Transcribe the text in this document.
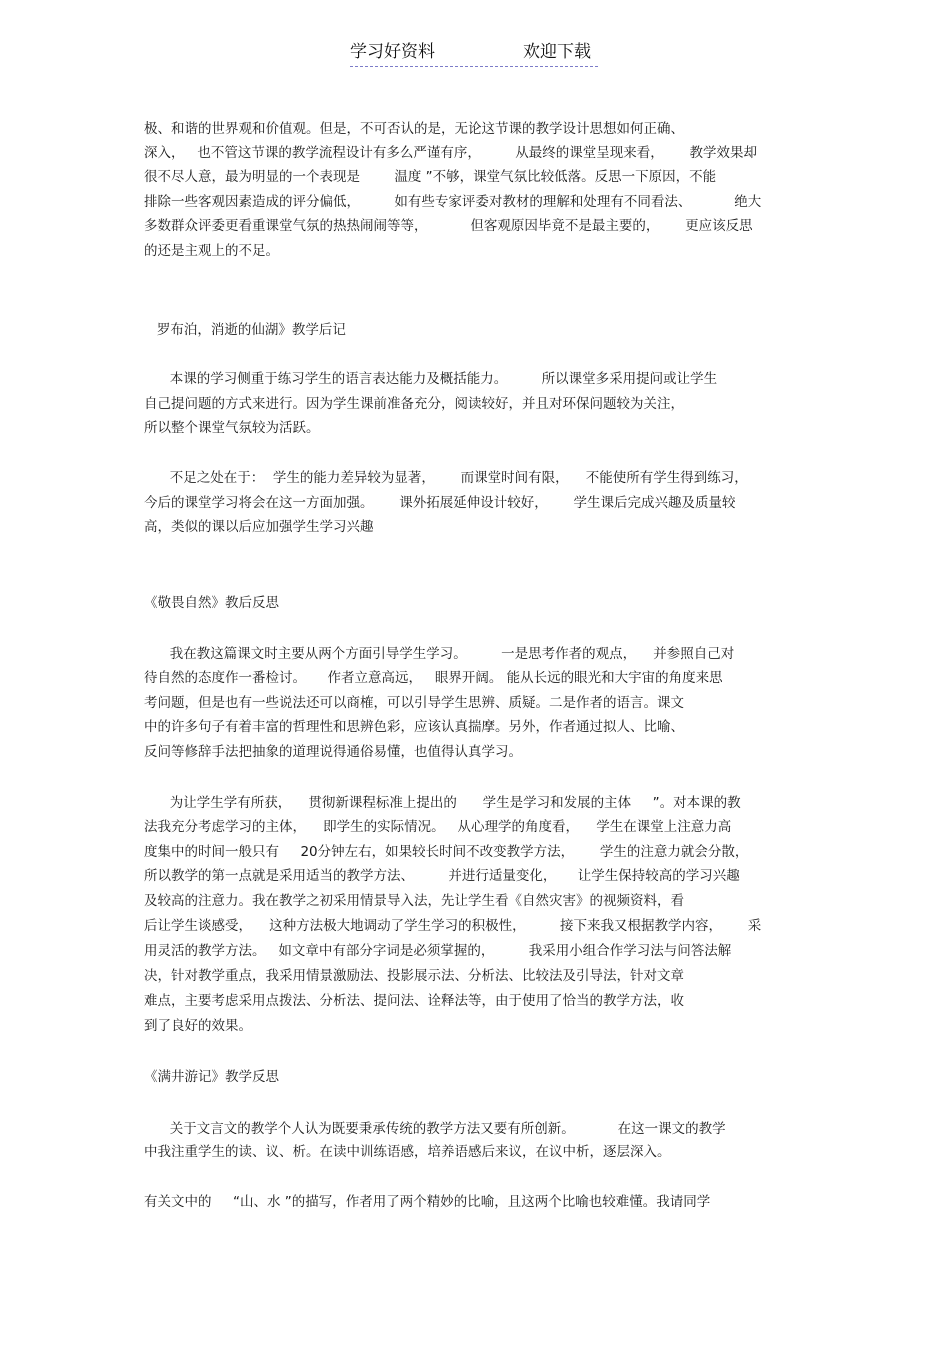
学习好资料	欢迎下载
极、和谐的世界观和价值观。但是，不可否认的是，无论这节课的教学设计思想如何正确、
深入，   也不管这节课的教学流程设计有多么严谨有序，        从最终的课堂呈现来看，      教学效果却
很不尽人意，最为明显的一个表现是        温度 ”不够，课堂气氛比较低落。反思一下原因，不能
排除一些客观因素造成的评分偏低，        如有些专家评委对教材的理解和处理有不同看法、          绝大
多数群众评委更看重课堂气氛的热热闹闹等等，          但客观原因毕竟不是最主要的，      更应该反思
的还是主观上的不足。
罗布泊，消逝的仙湖》教学后记
本课的学习侧重于练习学生的语言表达能力及概括能力。        所以课堂多采用提问或让学生
自己提问题的方式来进行。因为学生课前准备充分，阅读较好，并且对环保问题较为关注，
所以整个课堂气氛较为活跃。
不足之处在于：  学生的能力差异较为显著，      而课堂时间有限，    不能使所有学生得到练习，
今后的课堂学习将会在这一方面加强。      课外拓展延伸设计较好，      学生课后完成兴趣及质量较
高，类似的课以后应加强学生学习兴趣
《敬畏自然》教后反思
我在教这篇课文时主要从两个方面引导学生学习。        一是思考作者的观点，    并参照自己对
待自然的态度作一番检讨。     作者立意高远，   眼界开阔。 能从长远的眼光和大宇宙的角度来思
考问题，但是也有一些说法还可以商榷，可以引导学生思辨、质疑。二是作者的语言。课文
中的许多句子有着丰富的哲理性和思辨色彩，应该认真揣摩。另外，作者通过拟人、比喻、
反问等修辞手法把抽象的道理说得通俗易懂，也值得认真学习。
为让学生学有所获，    贯彻新课程标准上提出的      学生是学习和发展的主体     ”。对本课的教
法我充分考虑学习的主体，    即学生的实际情况。   从心理学的角度看，    学生在课堂上注意力高
度集中的时间一般只有     20分钟左右，如果较长时间不改变教学方法，      学生的注意力就会分散，
所以教学的第一点就是采用适当的教学方法、        并进行适量变化，     让学生保持较高的学习兴趣
及较高的注意力。我在教学之初采用情景导入法，先让学生看《自然灾害》的视频资料，看
后让学生谈感受，    这种方法极大地调动了学生学习的积极性，        接下来我又根据教学内容，      采
用灵活的教学方法。   如文章中有部分字词是必须掌握的，        我采用小组合作学习法与问答法解
决，针对教学重点，我采用情景激励法、投影展示法、分析法、比较法及引导法，针对文章
难点，主要考虑采用点拨法、分析法、提问法、诠释法等，由于使用了恰当的教学方法，收
到了良好的效果。
《满井游记》教学反思
关于文言文的教学个人认为既要秉承传统的教学方法又要有所创新。          在这一课文的教学
中我注重学生的读、议、析。在读中训练语感，培养语感后来议，在议中析，逐层深入。
有关文中的     “山、水 ”的描写，作者用了两个精妙的比喻，且这两个比喻也较难懂。我请同学
